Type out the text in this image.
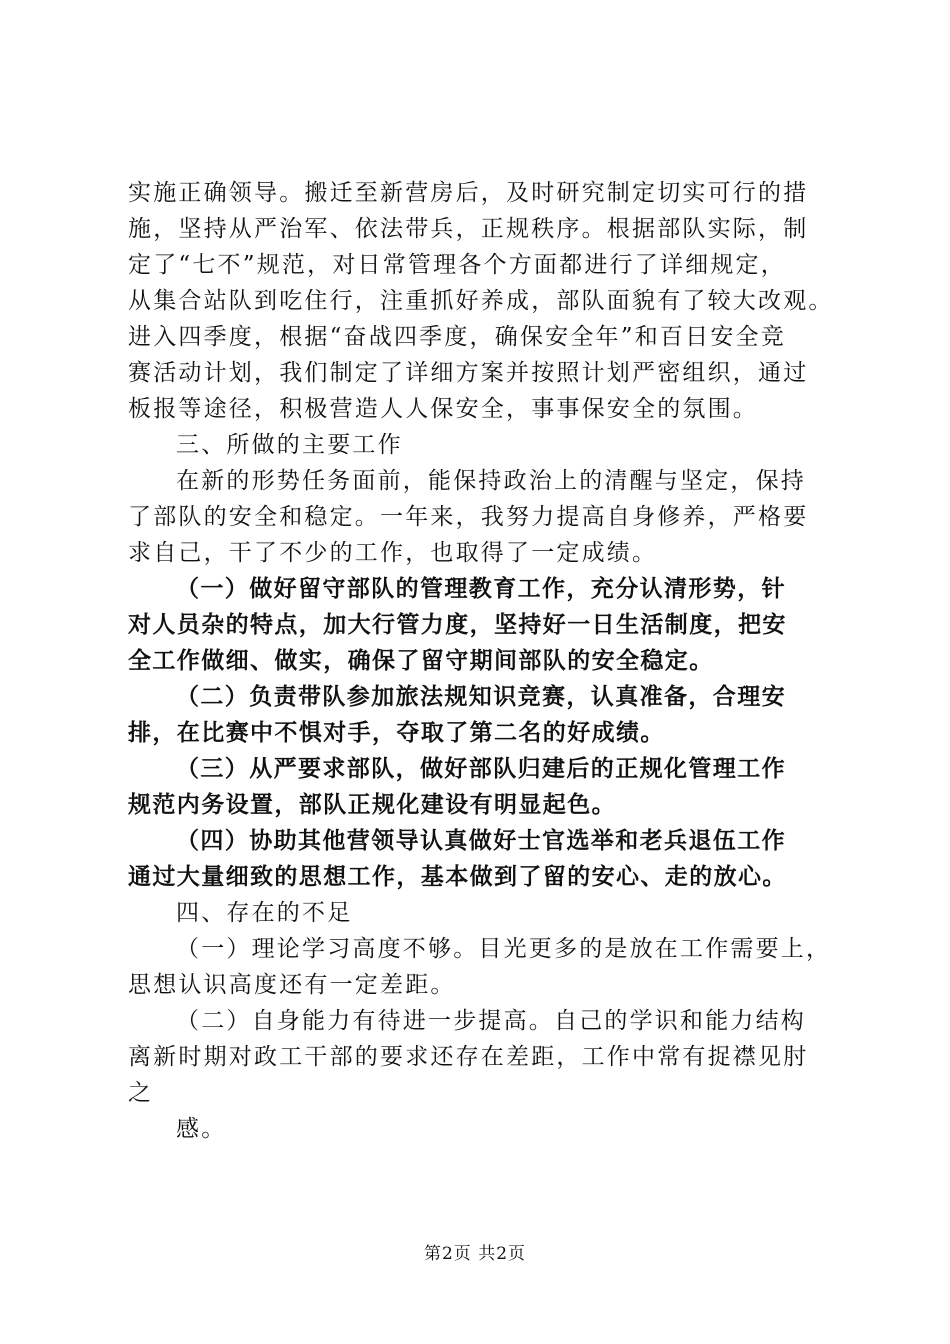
实施正确领导。搬迁至新营房后，及时研究制定切实可行的措
施，坚持从严治军、依法带兵，正规秩序。根据部队实际，制
定了“七不”规范，对日常管理各个方面都进行了详细规定，
从集合站队到吃住行，注重抓好养成，部队面貌有了较大改观。
进入四季度，根据“奋战四季度，确保安全年”和百日安全竞
赛活动计划，我们制定了详细方案并按照计划严密组织，通过
板报等途径，积极营造人人保安全，事事保安全的氛围。
三、所做的主要工作
在新的形势任务面前，能保持政治上的清醒与坚定，保持
了部队的安全和稳定。一年来，我努力提高自身修养，严格要
求自己，干了不少的工作，也取得了一定成绩。
（一）做好留守部队的管理教育工作，充分认清形势，针
对人员杂的特点，加大行管力度，坚持好一日生活制度，把安
全工作做细、做实，确保了留守期间部队的安全稳定。
（二）负责带队参加旅法规知识竞赛，认真准备，合理安
排，在比赛中不惧对手，夺取了第二名的好成绩。
（三）从严要求部队，做好部队归建后的正规化管理工作
规范内务设置，部队正规化建设有明显起色。
（四）协助其他营领导认真做好士官选举和老兵退伍工作
通过大量细致的思想工作，基本做到了留的安心、走的放心。
四、存在的不足
（一）理论学习高度不够。目光更多的是放在工作需要上，
思想认识高度还有一定差距。
（二）自身能力有待进一步提高。自己的学识和能力结构
离新时期对政工干部的要求还存在差距，工作中常有捉襟见肘
之
感。
第2页 共2页
